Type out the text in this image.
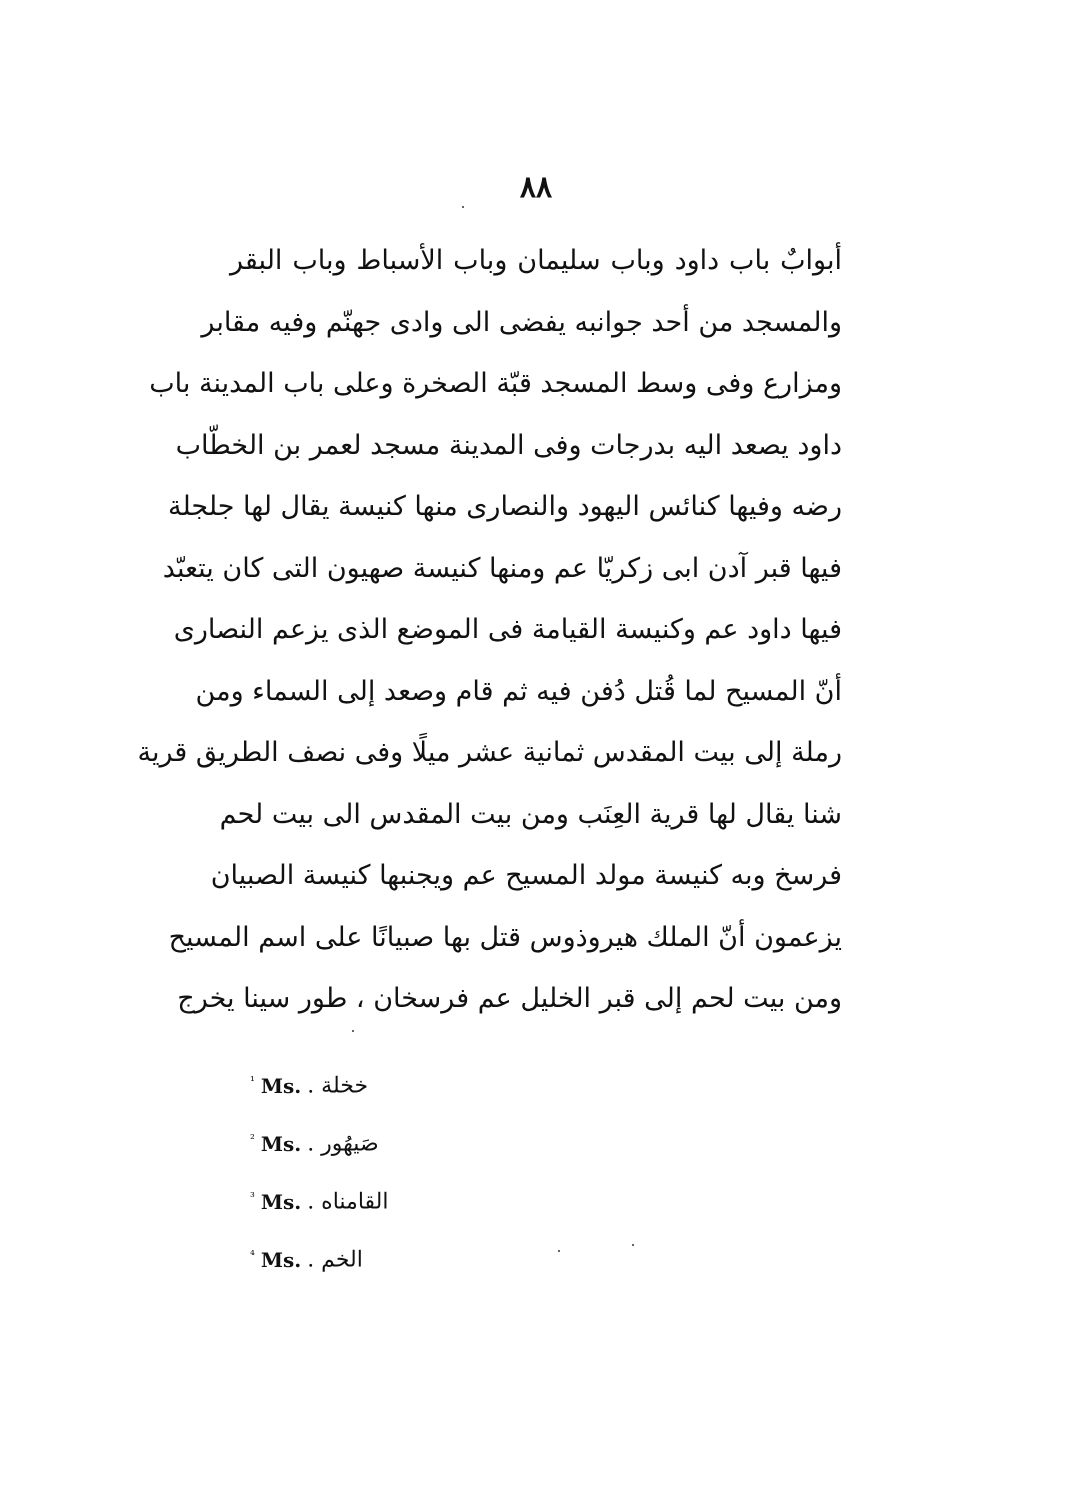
٨٨
أبوابٌ باب داود وباب سليمان وباب الأسباط وباب البقر
والمسجد من أحد جوانبه يفضى الى وادى جهنّم وفيه مقابر
ومزارع وفى وسط المسجد قبّة الصخرة وعلى باب المدينة باب
داود يصعد اليه بدرجات وفى المدينة مسجد لعمر بن الخطّاب
رضه وفيها كنائس اليهود والنصارى منها كنيسة يقال لها جلجلة
فيها قبر آدن ابى زكريّا عم ومنها كنيسة صهيون التى كان يتعبّد
فيها داود عم وكنيسة القيامة فى الموضع الذى يزعم النصارى
أنّ المسيح لما قُتل دُفن فيه ثم قام وصعد إلى السماء ومن
رملة إلى بيت المقدس ثمانية عشر ميلًا وفى نصف الطريق قرية
شنا يقال لها قرية العِنَب ومن بيت المقدس الى بيت لحم
فرسخ وبه كنيسة مولد المسيح عم ويجنبها كنيسة الصبيان
يزعمون أنّ الملك هيروذوس قتل بها صبيانًا على اسم المسيح
ومن بيت لحم إلى قبر الخليل عم فرسخان ، طور سينا يخرج
$^{^1}$ Ms. خخلة .
$^{^2}$ Ms. صَيهُور .
$^{^3}$ Ms. القامناه .
$^{^4}$ Ms. الخم .
